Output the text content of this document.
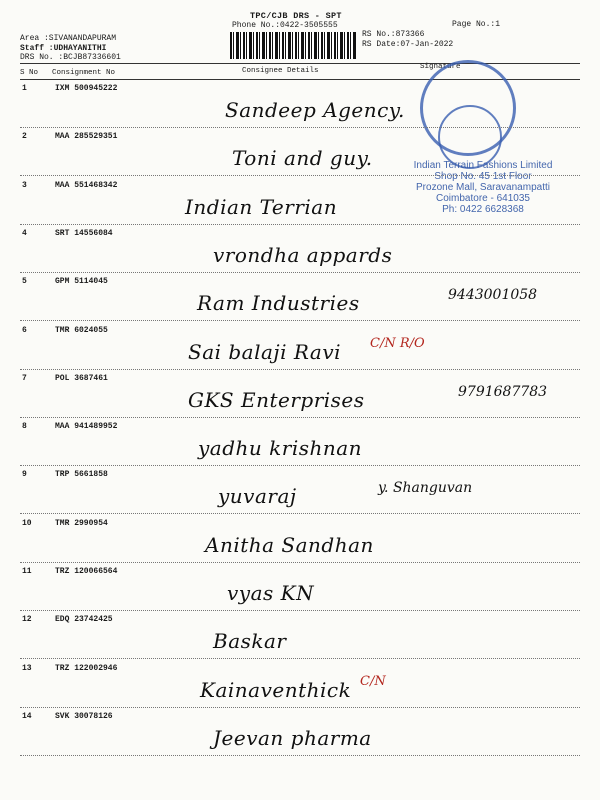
TPC/CJB DRS - SPT
Phone No.:0422-3505555	Page No.:1
RS No.:873366
RS Date:07-Jan-2022
Area :SIVANANDAPURAM
Staff :UDHAYANITHI
DRS No. :BCJB87336601
S No Consignment No	Consignee Details	Signature
Indian Terrain Fashions Limited
Shop No. 45 1st Floor
Prozone Mall, Saravanampatti
Coimbatore - 641035
Ph: 0422 6628368
1	IXM 500945222
Sandeep Agency.
2	MAA 285529351
Toni and guy.
3	MAA 551468342
Indian Terrian
4	SRT 14556084
vrondha appards
5	GPM 5114045
Ram Industries	9443001058
6	TMR 6024055
Sai balaji Ravi C/N R/O
7	POL 3687461
GKS Enterprises	9791687783
8	MAA 941489952
yadhu krishnan
9	TRP 5661858
yuvaraj	y. Shanguvan
10	TMR 2990954
Anitha Sandhan
11	TRZ 120066564
vyas KN
12	EDQ 23742425
Baskar
13	TRZ 122002946
Kainaventhick C/N
14	SVK 30078126
Jeevan pharma
